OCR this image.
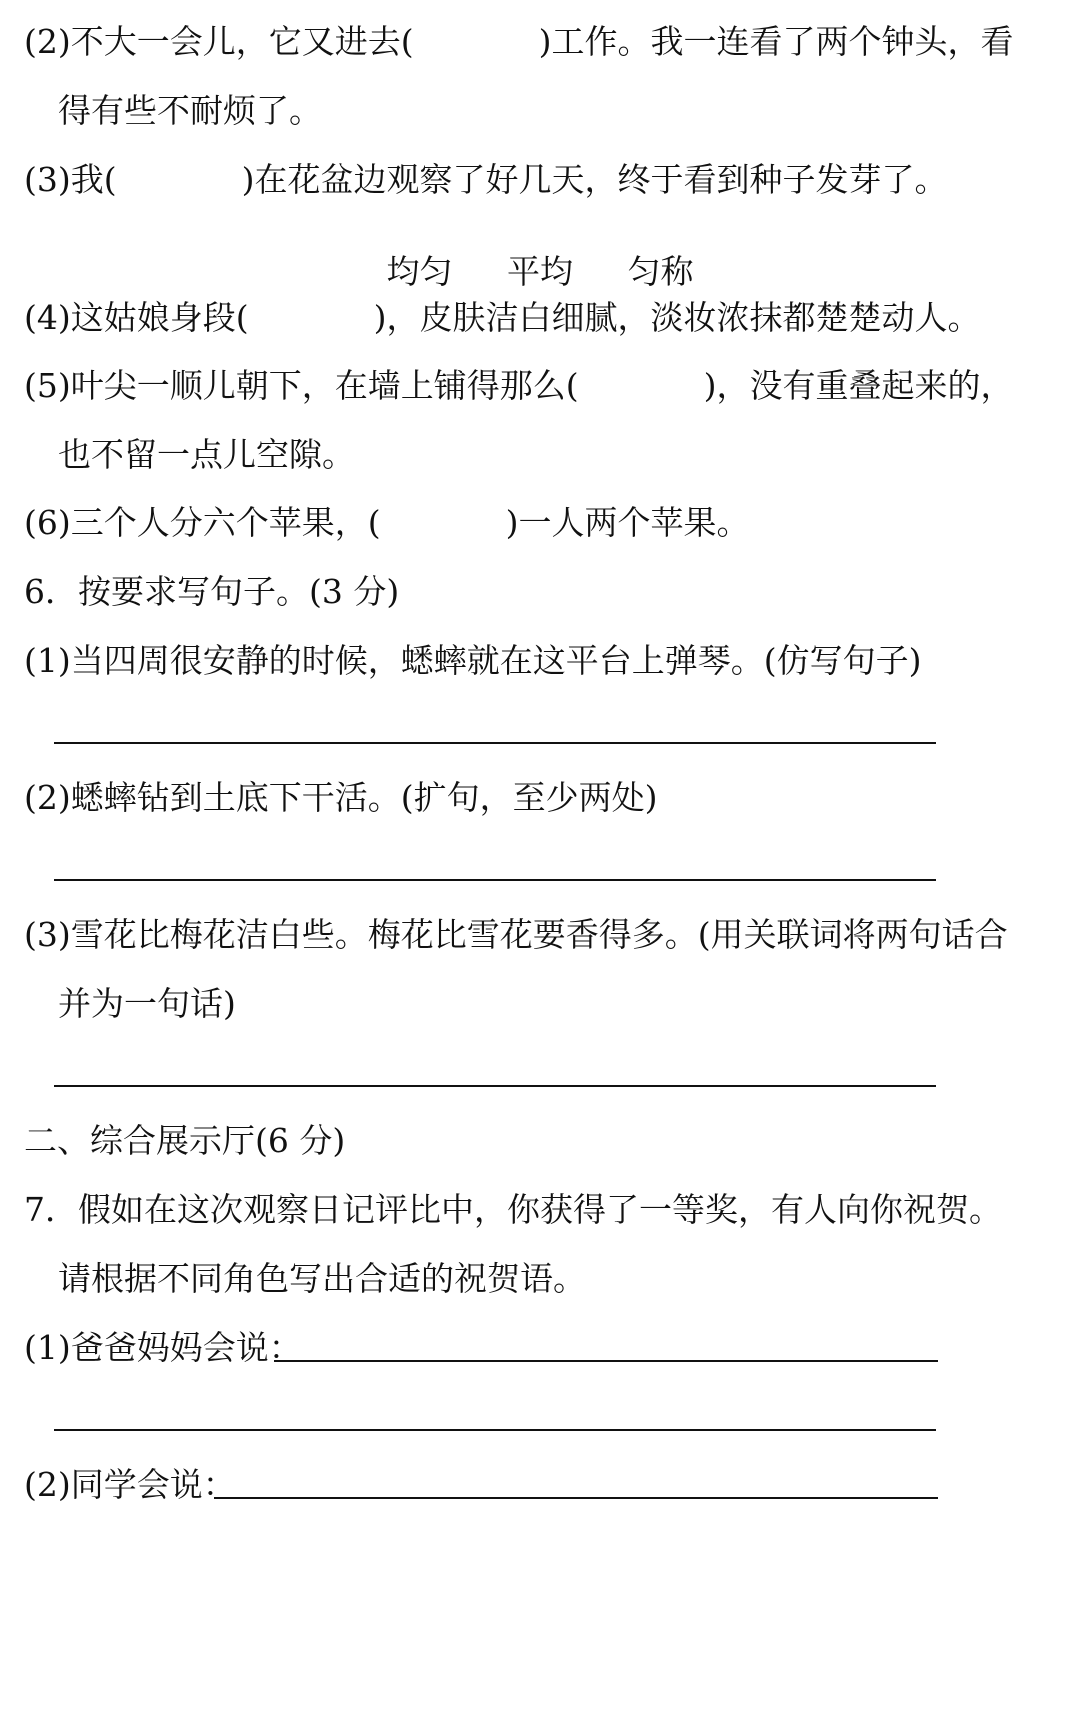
(2)不大一会儿，它又进去(	)工作。我一连看了两个钟头，看
得有些不耐烦了。
(3)我(	)在花盆边观察了好几天，终于看到种子发芽了。
均匀 平均 匀称
(4)这姑娘身段(	)，皮肤洁白细腻，淡妆浓抹都楚楚动人。
(5)叶尖一顺儿朝下，在墙上铺得那么(	)，没有重叠起来的，
也不留一点儿空隙。
(6)三个人分六个苹果，(	)一人两个苹果。
6．按要求写句子。(3 分)
(1)当四周很安静的时候，蟋蟀就在这平台上弹琴。(仿写句子)
(2)蟋蟀钻到土底下干活。(扩句，至少两处)
(3)雪花比梅花洁白些。梅花比雪花要香得多。(用关联词将两句话合
并为一句话)
二、综合展示厅(6 分)
7．假如在这次观察日记评比中，你获得了一等奖，有人向你祝贺。
请根据不同角色写出合适的祝贺语。
(1)爸爸妈妈会说：
(2)同学会说：
